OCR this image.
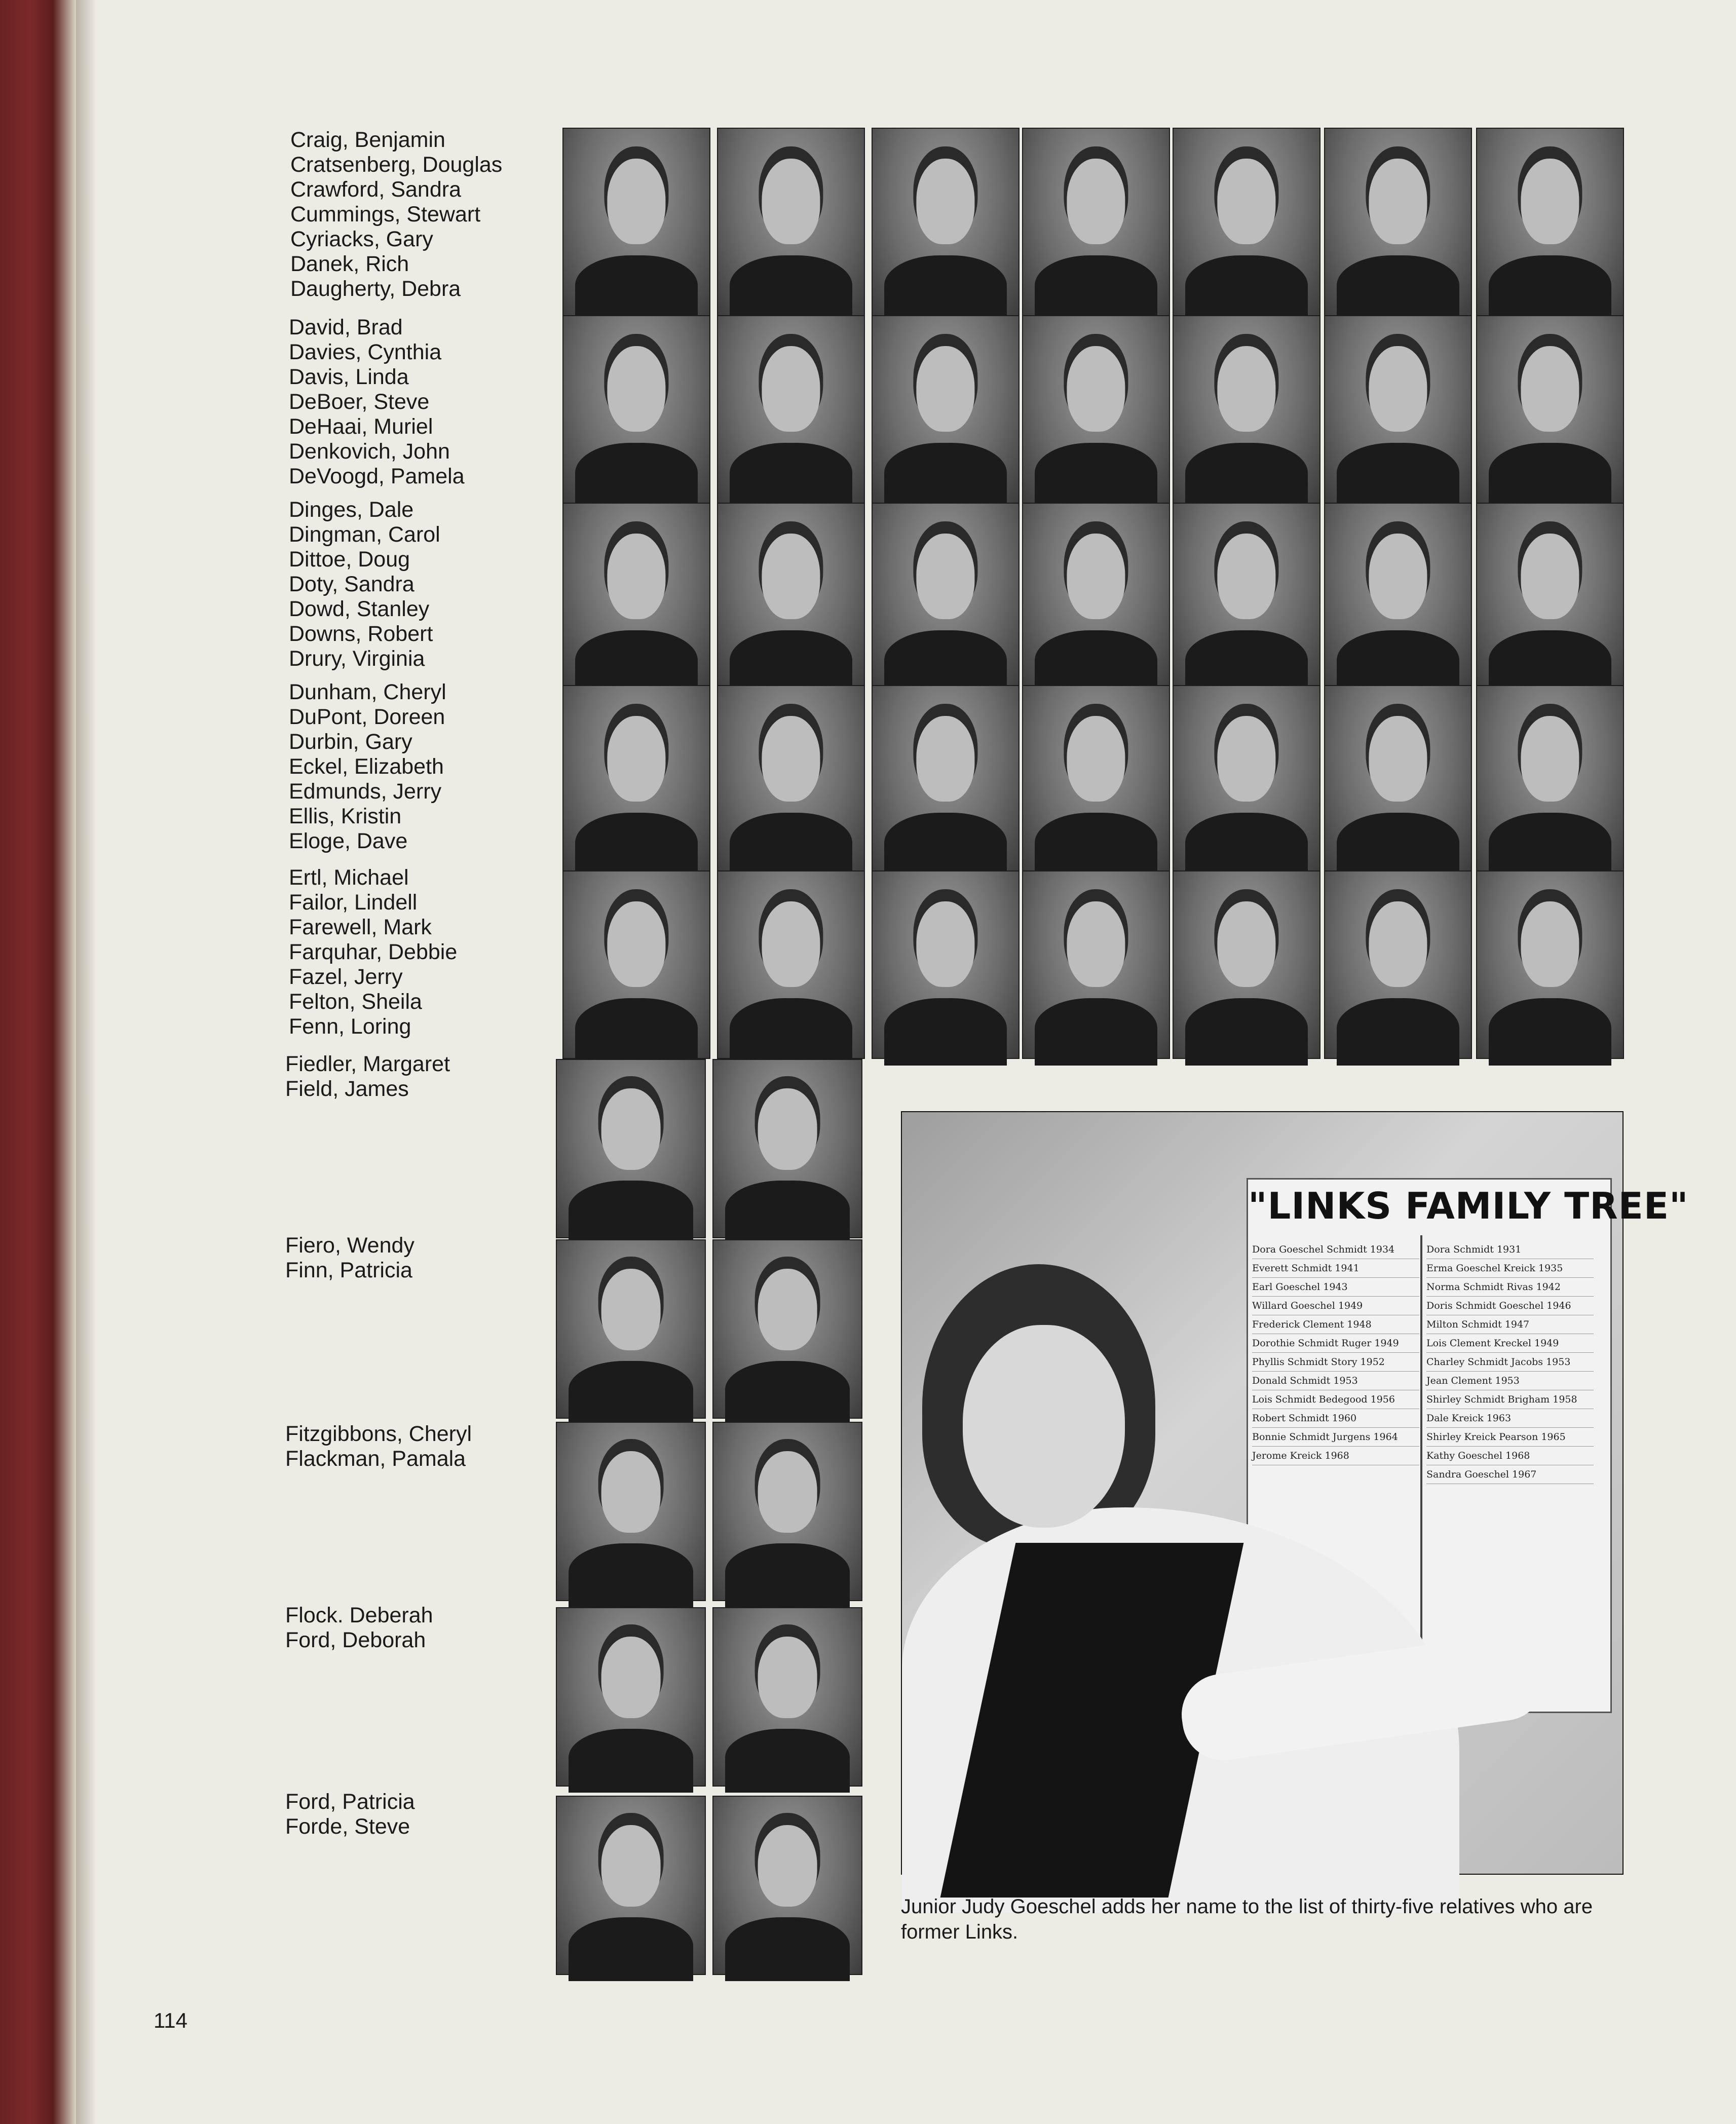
Craig, Benjamin
Cratsenberg, Douglas
Crawford, Sandra
Cummings, Stewart
Cyriacks, Gary
Danek, Rich
Daugherty, Debra
David, Brad
Davies, Cynthia
Davis, Linda
DeBoer, Steve
DeHaai, Muriel
Denkovich, John
DeVoogd, Pamela
Dinges, Dale
Dingman, Carol
Dittoe, Doug
Doty, Sandra
Dowd, Stanley
Downs, Robert
Drury, Virginia
Dunham, Cheryl
DuPont, Doreen
Durbin, Gary
Eckel, Elizabeth
Edmunds, Jerry
Ellis, Kristin
Eloge, Dave
Ertl, Michael
Failor, Lindell
Farewell, Mark
Farquhar, Debbie
Fazel, Jerry
Felton, Sheila
Fenn, Loring
Fiedler, Margaret
Field, James
Fiero, Wendy
Finn, Patricia
Fitzgibbons, Cheryl
Flackman, Pamala
Flock. Deberah
Ford, Deborah
Ford, Patricia
Forde, Steve
"LINKS FAMILY TREE"
Dora Goeschel Schmidt 1934
Everett Schmidt 1941
Earl Goeschel 1943
Willard Goeschel 1949
Frederick Clement 1948
Dorothie Schmidt Ruger 1949
Phyllis Schmidt Story 1952
Donald Schmidt 1953
Lois Schmidt Bedegood 1956
Robert Schmidt 1960
Bonnie Schmidt Jurgens 1964
Jerome Kreick 1968
Dora Schmidt 1931
Erma Goeschel Kreick 1935
Norma Schmidt Rivas 1942
Doris Schmidt Goeschel 1946
Milton Schmidt 1947
Lois Clement Kreckel 1949
Charley Schmidt Jacobs 1953
Jean Clement 1953
Shirley Schmidt Brigham 1958
Dale Kreick 1963
Shirley Kreick Pearson 1965
Kathy Goeschel 1968
Sandra Goeschel 1967
Junior Judy Goeschel adds her name to the list of thirty-five relatives who are former Links.
114
